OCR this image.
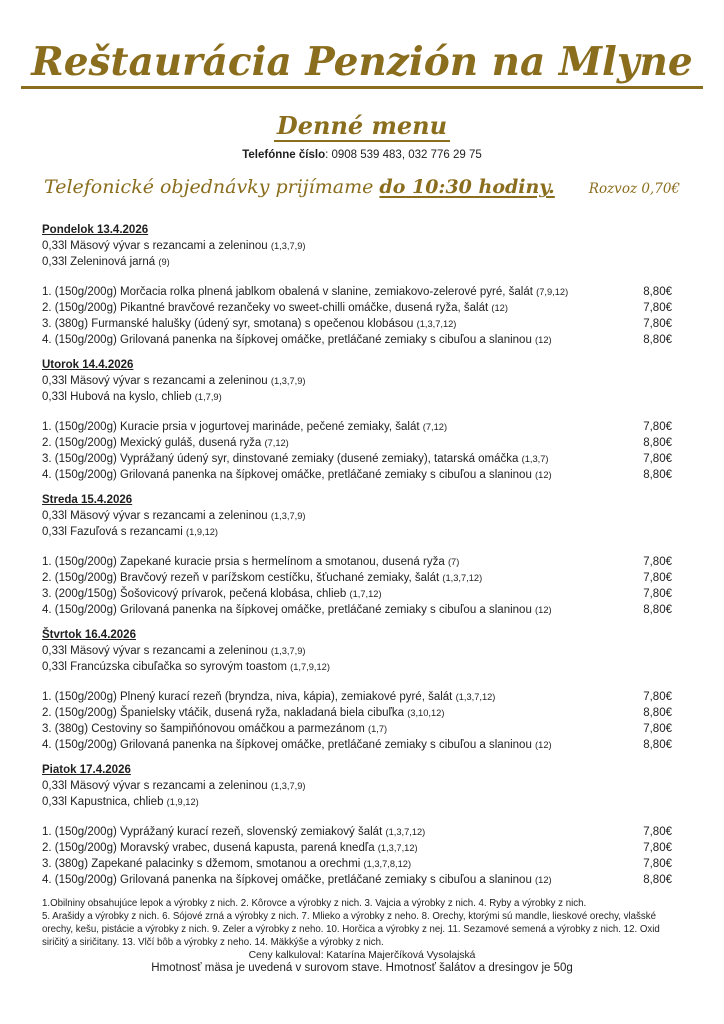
Reštaurácia Penzión na Mlyne
Denné menu

Telefónne číslo: 0908 539 483, 032 776 29 75

Telefonické objednávky prijímame do 10:30 hodiny.	Rozvoz 0,70€
Pondelok 13.4.2026

0,33l Mäsový vývar s rezancami a zeleninou (1,3,7,9)

0,33l Zeleninová jarná (9)

1. (150g/200g) Morčacia rolka plnená jablkom obalená v slanine, zemiakovo-zelerové pyré, šalát (7,9,12)	8,80€
2. (150g/200g) Pikantné bravčové rezančeky vo sweet-chilli omáčke, dusená ryža, šalát (12)	7,80€
3. (380g) Furmanské halušky (údený syr, smotana) s opečenou klobásou (1,3,7,12)	7,80€
4. (150g/200g) Grilovaná panenka na šípkovej omáčke, pretláčané zemiaky s cibuľou a slaninou (12)	8,80€
Utorok 14.4.2026

0,33l Mäsový vývar s rezancami a zeleninou (1,3,7,9)

0,33l Hubová na kyslo, chlieb (1,7,9)

1. (150g/200g) Kuracie prsia v jogurtovej marináde, pečené zemiaky, šalát (7,12)	7,80€
2. (150g/200g) Mexický guláš, dusená ryža (7,12)	8,80€
3. (150g/200g) Vyprážaný údený syr, dinstované zemiaky (dusené zemiaky), tatarská omáčka (1,3,7)	7,80€
4. (150g/200g) Grilovaná panenka na šípkovej omáčke, pretláčané zemiaky s cibuľou a slaninou (12)	8,80€
Streda 15.4.2026

0,33l Mäsový vývar s rezancami a zeleninou (1,3,7,9)

0,33l Fazuľová s rezancami (1,9,12)

1. (150g/200g) Zapekané kuracie prsia s hermelínom a smotanou, dusená ryža (7)	7,80€
2. (150g/200g) Bravčový rezeň v parížskom cestíčku, šťuchané zemiaky, šalát (1,3,7,12)	7,80€
3. (200g/150g) Šošovicový prívarok, pečená klobása, chlieb (1,7,12)	7,80€
4. (150g/200g) Grilovaná panenka na šípkovej omáčke, pretláčané zemiaky s cibuľou a slaninou (12)	8,80€
Štvrtok 16.4.2026

0,33l Mäsový vývar s rezancami a zeleninou (1,3,7,9)

0,33l Francúzska cibuľačka so syrovým toastom (1,7,9,12)

1. (150g/200g) Plnený kurací rezeň (bryndza, niva, kápia), zemiakové pyré, šalát (1,3,7,12)	7,80€
2. (150g/200g) Španielsky vtáčik, dusená ryža, nakladaná biela cibuľka (3,10,12)	8,80€
3. (380g) Cestoviny so šampiňónovou omáčkou a parmezánom (1,7)	7,80€
4. (150g/200g) Grilovaná panenka na šípkovej omáčke, pretláčané zemiaky s cibuľou a slaninou (12)	8,80€
Piatok 17.4.2026

0,33l Mäsový vývar s rezancami a zeleninou (1,3,7,9)

0,33l Kapustnica, chlieb (1,9,12)

1. (150g/200g) Vyprážaný kurací rezeň, slovenský zemiakový šalát (1,3,7,12)	7,80€
2. (150g/200g) Moravský vrabec, dusená kapusta, parená knedľa (1,3,7,12)	7,80€
3. (380g) Zapekané palacinky s džemom, smotanou a orechmi (1,3,7,8,12)	7,80€
4. (150g/200g) Grilovaná panenka na šípkovej omáčke, pretláčané zemiaky s cibuľou a slaninou (12)	8,80€

1.Obilniny obsahujúce lepok a výrobky z nich. 2. Kôrovce a výrobky z nich. 3. Vajcia a výrobky z nich. 4. Ryby a výrobky z nich.

5. Arašidy a výrobky z nich. 6. Sójové zrná a výrobky z nich. 7. Mlieko a výrobky z neho. 8. Orechy, ktorými sú mandle, lieskové orechy, vlašské orechy, kešu, pistácie a výrobky z nich. 9. Zeler a výrobky z neho. 10. Horčica a výrobky z nej. 11. Sezamové semená a výrobky z nich. 12. Oxid siričitý a siričitany. 13. Vlčí bôb a výrobky z neho. 14. Mäkkýše a výrobky z nich.

Ceny kalkuloval: Katarína Majerčíková Vysolajská

Hmotnosť mäsa je uvedená v surovom stave. Hmotnosť šalátov a dresingov je 50g
